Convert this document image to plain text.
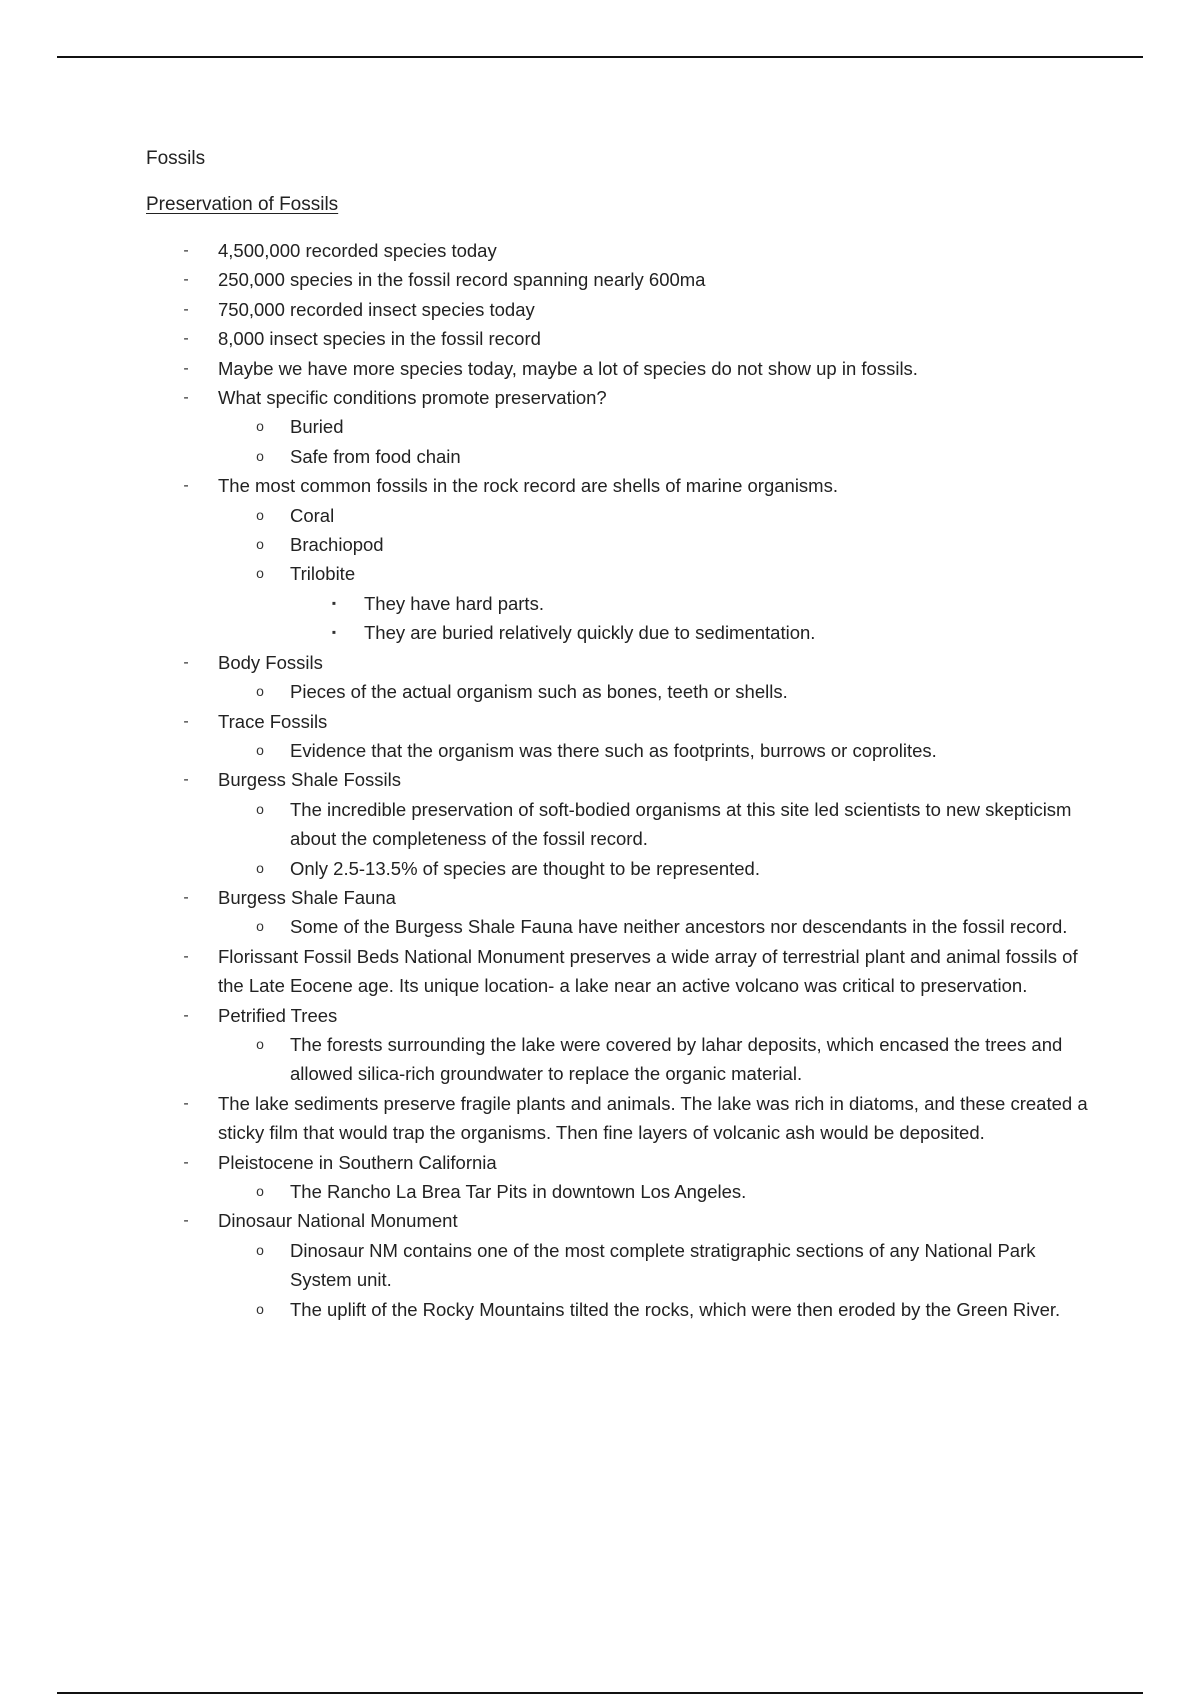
Fossils
Preservation of Fossils
-	4,500,000 recorded species today
-	250,000 species in the fossil record spanning nearly 600ma
-	750,000 recorded insect species today
-	8,000 insect species in the fossil record
-	Maybe we have more species today, maybe a lot of species do not show up in fossils.
-	What specific conditions promote preservation?
o	Buried
o	Safe from food chain
-	The most common fossils in the rock record are shells of marine organisms.
o	Coral
o	Brachiopod
o	Trilobite
▪	They have hard parts.
▪	They are buried relatively quickly due to sedimentation.
-	Body Fossils
o	Pieces of the actual organism such as bones, teeth or shells.
-	Trace Fossils
o	Evidence that the organism was there such as footprints, burrows or coprolites.
-	Burgess Shale Fossils
o	The incredible preservation of soft-bodied organisms at this site led scientists to new skepticism about the completeness of the fossil record.
o	Only 2.5-13.5% of species are thought to be represented.
-	Burgess Shale Fauna
o	Some of the Burgess Shale Fauna have neither ancestors nor descendants in the fossil record.
-	Florissant Fossil Beds National Monument preserves a wide array of terrestrial plant and animal fossils of the Late Eocene age. Its unique location- a lake near an active volcano was critical to preservation.
-	Petrified Trees
o	The forests surrounding the lake were covered by lahar deposits, which encased the trees and allowed silica-rich groundwater to replace the organic material.
-	The lake sediments preserve fragile plants and animals. The lake was rich in diatoms, and these created a sticky film that would trap the organisms. Then fine layers of volcanic ash would be deposited.
-	Pleistocene in Southern California
o	The Rancho La Brea Tar Pits in downtown Los Angeles.
-	Dinosaur National Monument
o	Dinosaur NM contains one of the most complete stratigraphic sections of any National Park System unit.
o	The uplift of the Rocky Mountains tilted the rocks, which were then eroded by the Green River.
